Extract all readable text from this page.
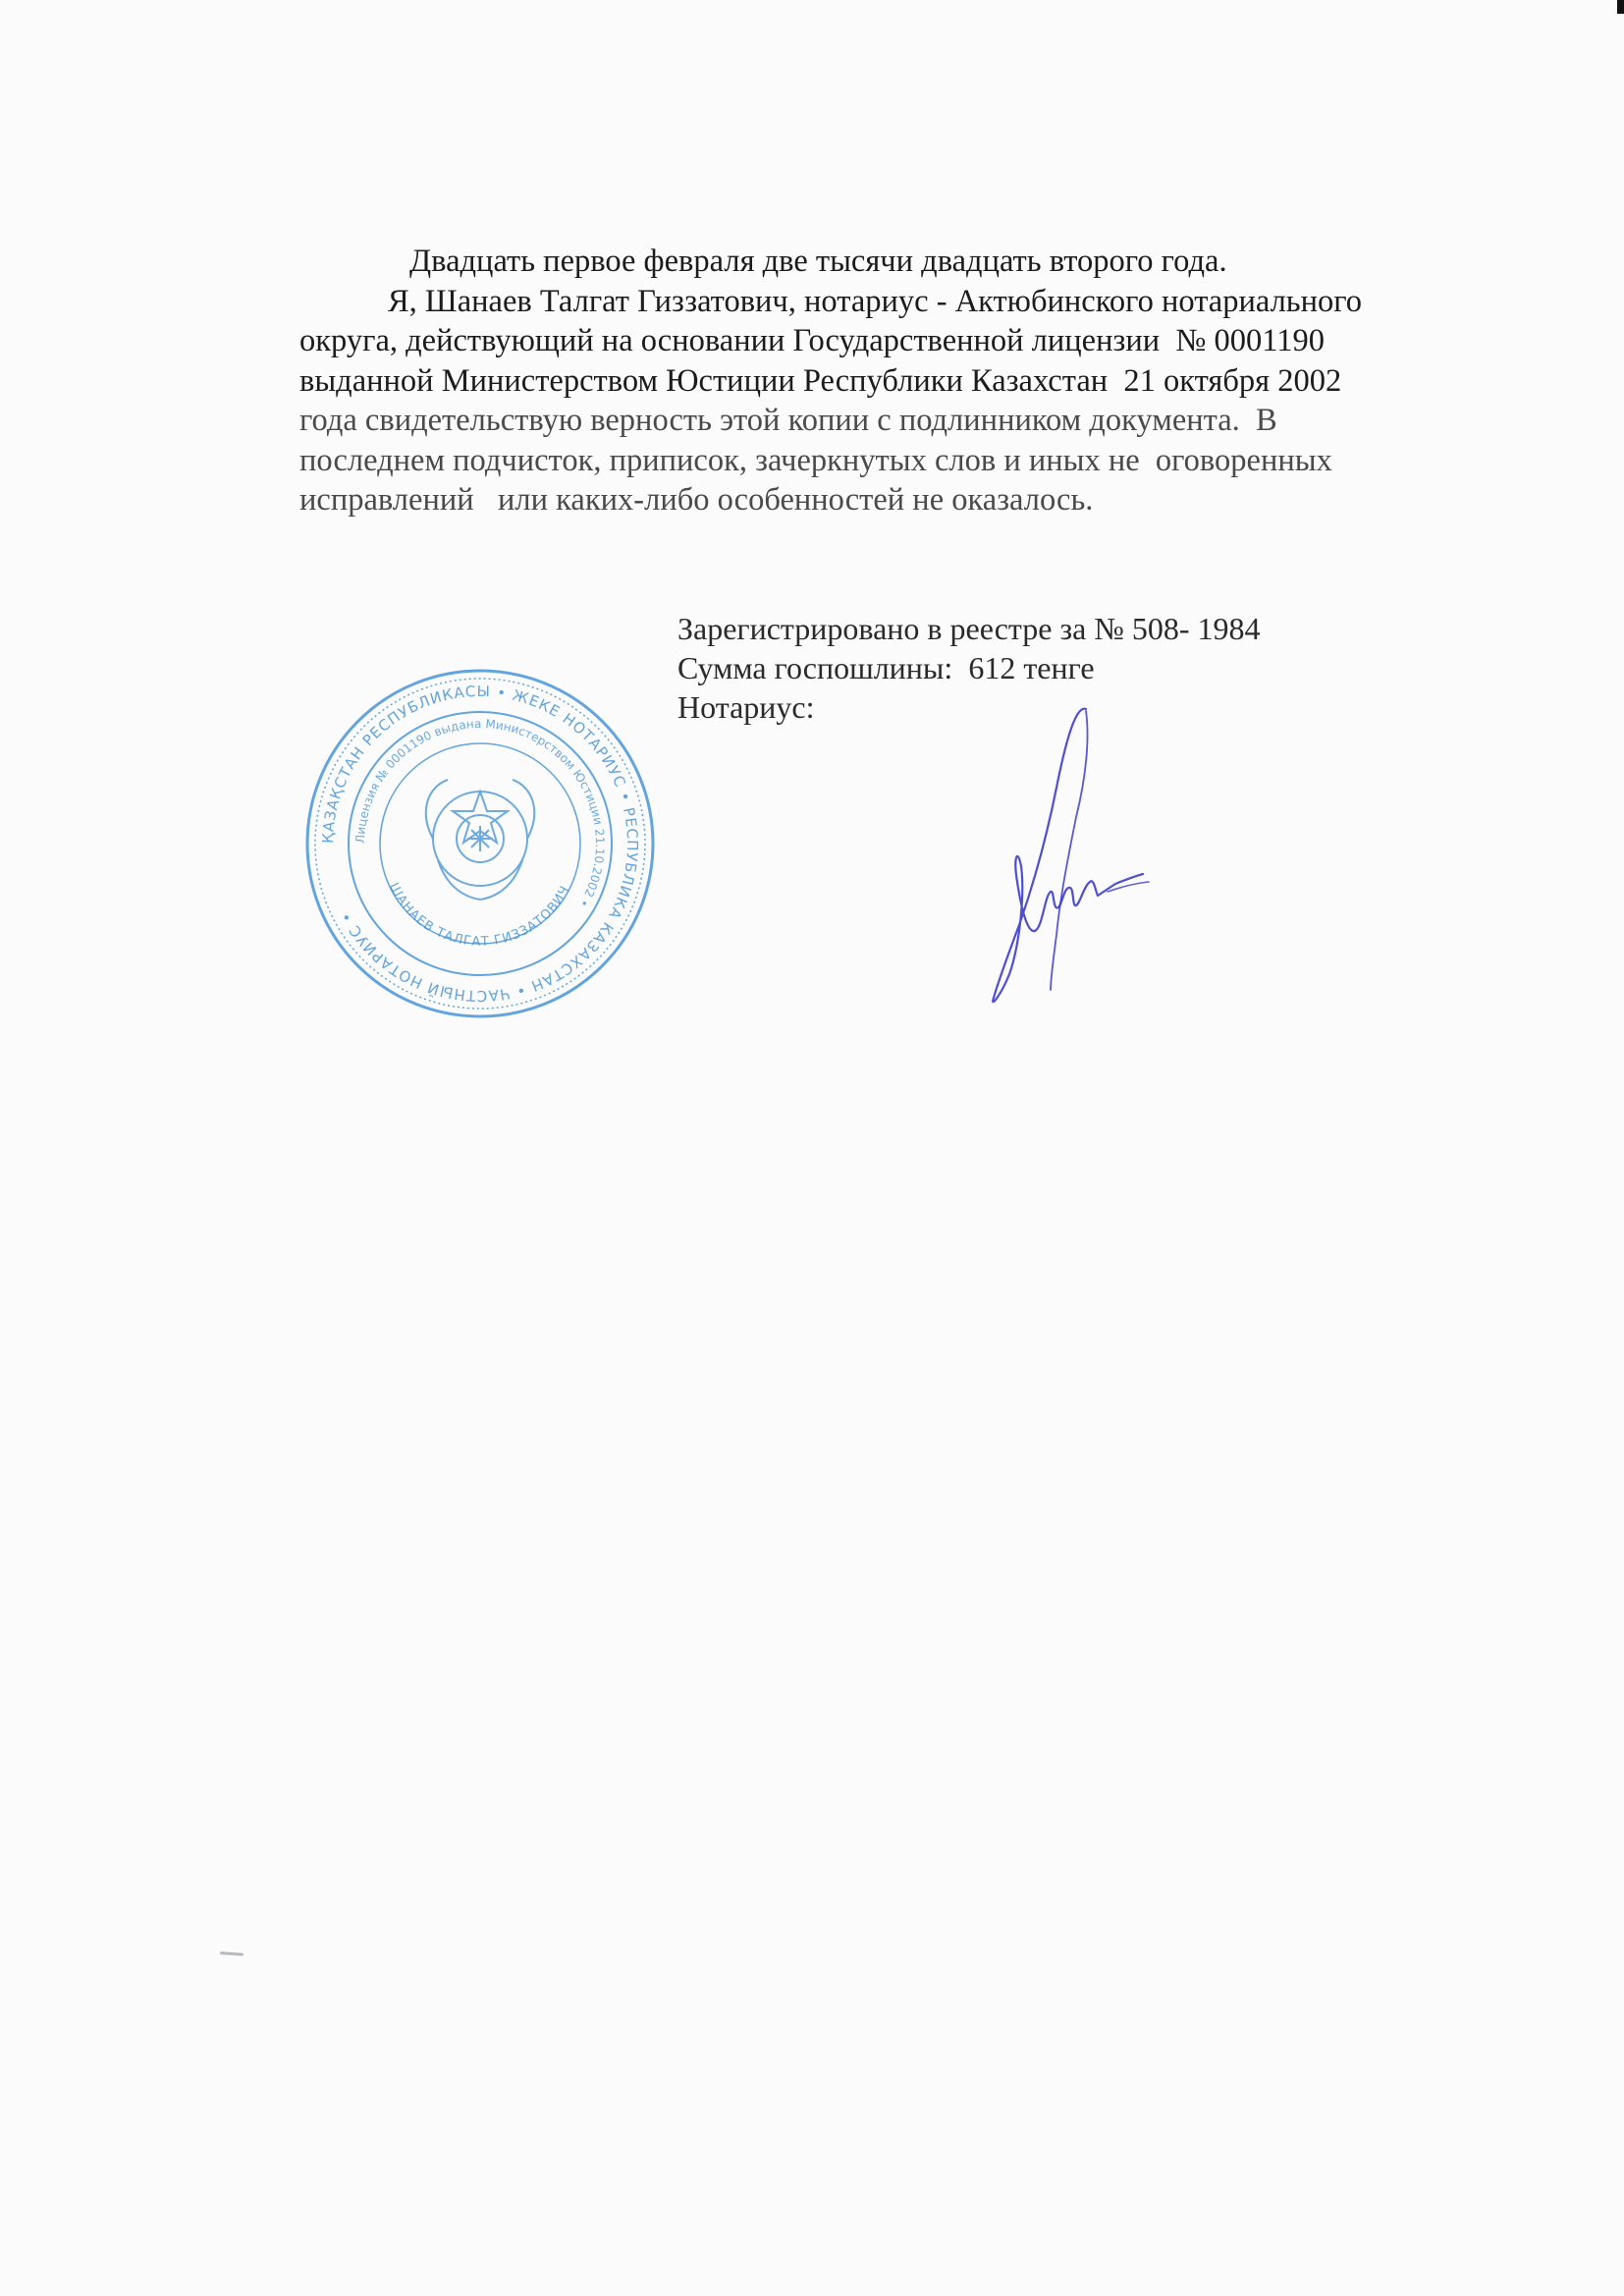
Двадцать первое февраля две тысячи двадцать второго года.
Я, Шанаев Талгат Гиззатович, нотариус - Актюбинского нотариального
округа, действующий на основании Государственной лицензии  № 0001190
выданной Министерством Юстиции Республики Казахстан  21 октября 2002
года свидетельствую верность этой копии с подлинником документа.  В
последнем подчисток, приписок, зачеркнутых слов и иных не  оговоренных
исправлений   или каких-либо особенностей не оказалось.
Зарегистрировано в реестре за № 508- 1984
Сумма госпошлины:  612 тенге
Нотариус:
ҚАЗАҚСТАН РЕСПУБЛИКАСЫ • ЖЕКЕ НОТАРИУС • РЕСПУБЛИКА КАЗАХСТАН • ЧАСТНЫЙ НОТАРИУС •
Лицензия № 0001190 выдана Министерством Юстиции 21.10.2002 •
ШАНАЕВ ТАЛГАТ ГИЗЗАТОВИЧ
